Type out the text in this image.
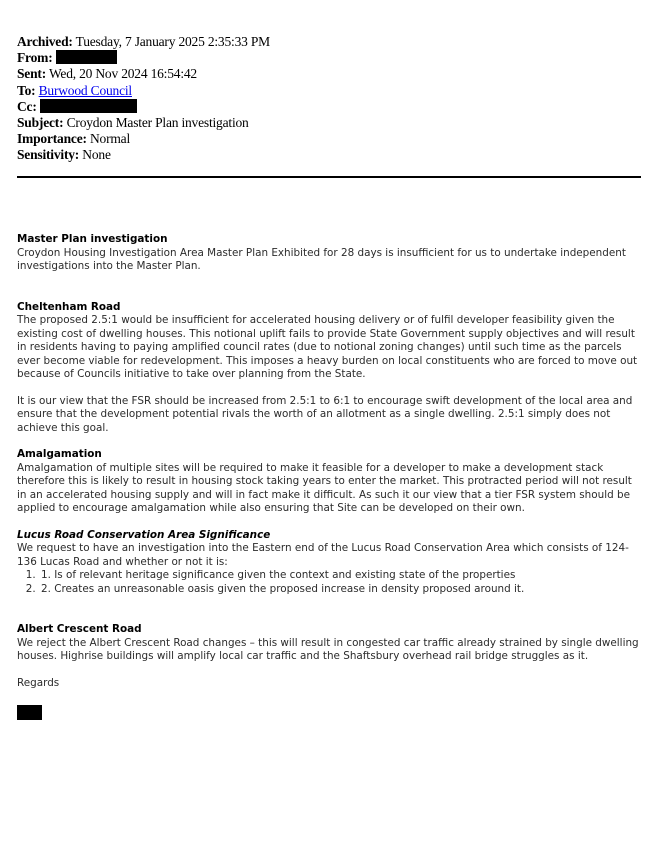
Archived: Tuesday, 7 January 2025 2:35:33 PM
From:
Sent: Wed, 20 Nov 2024 16:54:42
To: Burwood Council
Cc:
Subject: Croydon Master Plan investigation
Importance: Normal
Sensitivity: None

Master Plan investigation

Croydon Housing Investigation Area Master Plan Exhibited for 28 days is insufficient for us to undertake independent investigations into the Master Plan.

Cheltenham Road

The proposed 2.5:1 would be insufficient for accelerated housing delivery or of fulfil developer feasibility given the existing cost of dwelling houses. This notional uplift fails to provide State Government supply objectives and will result in residents having to paying amplified council rates (due to notional zoning changes) until such time as the parcels ever become viable for redevelopment. This imposes a heavy burden on local constituents who are forced to move out because of Councils initiative to take over planning from the State.

It is our view that the FSR should be increased from 2.5:1 to 6:1 to encourage swift development of the local area and ensure that the development potential rivals the worth of an allotment as a single dwelling. 2.5:1 simply does not achieve this goal.

Amalgamation

Amalgamation of multiple sites will be required to make it feasible for a developer to make a development stack therefore this is likely to result in housing stock taking years to enter the market. This protracted period will not result in an accelerated housing supply and will in fact make it difficult. As such it our view that a tier FSR system should be applied to encourage amalgamation while also ensuring that Site can be developed on their own.

Lucus Road Conservation Area Significance

We request to have an investigation into the Eastern end of the Lucus Road Conservation Area which consists of 124-136 Lucas Road and whether or not it is:

1. 1. Is of relevant heritage significance given the context and existing state of the properties
2. 2. Creates an unreasonable oasis given the proposed increase in density proposed around it.

Albert Crescent Road

We reject the Albert Crescent Road changes – this will result in congested car traffic already strained by single dwelling houses. Highrise buildings will amplify local car traffic and the Shaftsbury overhead rail bridge struggles as it.

Regards
